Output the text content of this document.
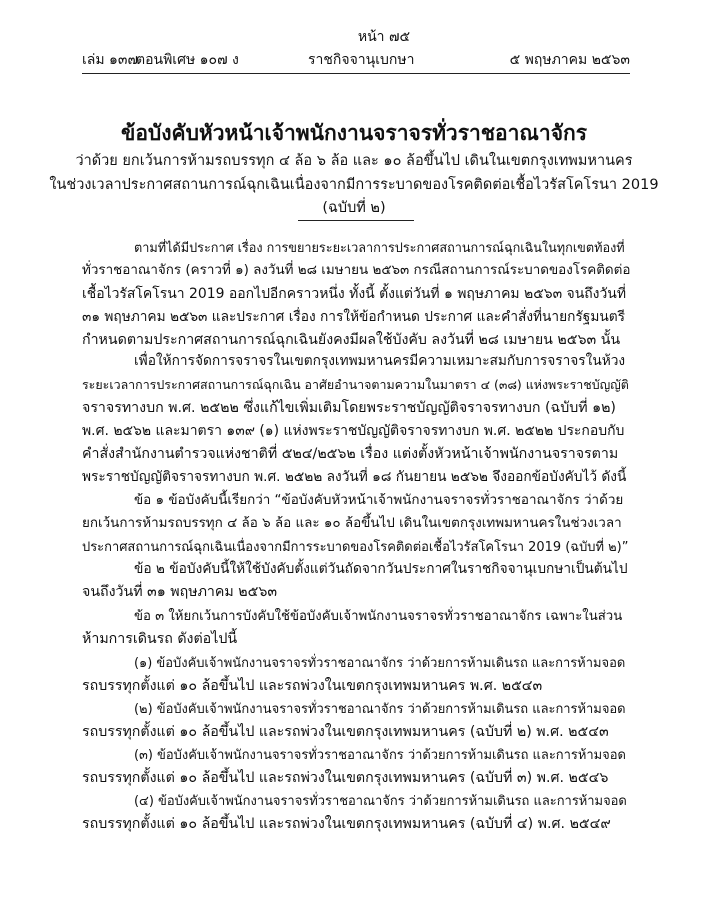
หน้า ๗๕
เล่ม ๑๓๗
ตอนพิเศษ ๑๐๗ ง	ราชกิจจานุเบกษา	๕ พฤษภาคม ๒๕๖๓
ข้อบังคับหัวหน้าเจ้าพนักงานจราจรทั่วราชอาณาจักร
ว่าด้วย ยกเว้นการห้ามรถบรรทุก ๔ ล้อ ๖ ล้อ และ ๑๐ ล้อขึ้นไป เดินในเขตกรุงเทพมหานคร
ในช่วงเวลาประกาศสถานการณ์ฉุกเฉินเนื่องจากมีการระบาดของโรคติดต่อเชื้อไวรัสโคโรนา 2019
(ฉบับที่ ๒)
ตามที่ได้มีประกาศ เรื่อง การขยายระยะเวลาการประกาศสถานการณ์ฉุกเฉินในทุกเขตท้องที่
ทั่วราชอาณาจักร (คราวที่ ๑) ลงวันที่ ๒๘ เมษายน ๒๕๖๓ กรณีสถานการณ์ระบาดของโรคติดต่อ
เชื้อไวรัสโคโรนา 2019 ออกไปอีกคราวหนึ่ง ทั้งนี้ ตั้งแต่วันที่ ๑ พฤษภาคม ๒๕๖๓ จนถึงวันที่
๓๑ พฤษภาคม ๒๕๖๓ และประกาศ เรื่อง การให้ข้อกำหนด ประกาศ และคำสั่งที่นายกรัฐมนตรี
กำหนดตามประกาศสถานการณ์ฉุกเฉินยังคงมีผลใช้บังคับ ลงวันที่ ๒๘ เมษายน ๒๕๖๓ นั้น
เพื่อให้การจัดการจราจรในเขตกรุงเทพมหานครมีความเหมาะสมกับการจราจรในห้วง
ระยะเวลาการประกาศสถานการณ์ฉุกเฉิน อาศัยอำนาจตามความในมาตรา ๔ (๓๘) แห่งพระราชบัญญัติ
จราจรทางบก พ.ศ. ๒๕๒๒ ซึ่งแก้ไขเพิ่มเติมโดยพระราชบัญญัติจราจรทางบก (ฉบับที่ ๑๒)
พ.ศ. ๒๕๖๒ และมาตรา ๑๓๙ (๑) แห่งพระราชบัญญัติจราจรทางบก พ.ศ. ๒๕๒๒ ประกอบกับ
คำสั่งสำนักงานตำรวจแห่งชาติที่ ๕๒๔/๒๕๖๒ เรื่อง แต่งตั้งหัวหน้าเจ้าพนักงานจราจรตาม
พระราชบัญญัติจราจรทางบก พ.ศ. ๒๕๒๒ ลงวันที่ ๑๘ กันยายน ๒๕๖๒ จึงออกข้อบังคับไว้ ดังนี้
ข้อ ๑ ข้อบังคับนี้เรียกว่า “ข้อบังคับหัวหน้าเจ้าพนักงานจราจรทั่วราชอาณาจักร ว่าด้วย
ยกเว้นการห้ามรถบรรทุก ๔ ล้อ ๖ ล้อ และ ๑๐ ล้อขึ้นไป เดินในเขตกรุงเทพมหานครในช่วงเวลา
ประกาศสถานการณ์ฉุกเฉินเนื่องจากมีการระบาดของโรคติดต่อเชื้อไวรัสโคโรนา 2019 (ฉบับที่ ๒)”
ข้อ ๒ ข้อบังคับนี้ให้ใช้บังคับตั้งแต่วันถัดจากวันประกาศในราชกิจจานุเบกษาเป็นต้นไป
จนถึงวันที่ ๓๑ พฤษภาคม ๒๕๖๓
ข้อ ๓ ให้ยกเว้นการบังคับใช้ข้อบังคับเจ้าพนักงานจราจรทั่วราชอาณาจักร เฉพาะในส่วน
ห้ามการเดินรถ ดังต่อไปนี้
(๑) ข้อบังคับเจ้าพนักงานจราจรทั่วราชอาณาจักร ว่าด้วยการห้ามเดินรถ และการห้ามจอด
รถบรรทุกตั้งแต่ ๑๐ ล้อขึ้นไป และรถพ่วงในเขตกรุงเทพมหานคร พ.ศ. ๒๕๔๓
(๒) ข้อบังคับเจ้าพนักงานจราจรทั่วราชอาณาจักร ว่าด้วยการห้ามเดินรถ และการห้ามจอด
รถบรรทุกตั้งแต่ ๑๐ ล้อขึ้นไป และรถพ่วงในเขตกรุงเทพมหานคร (ฉบับที่ ๒) พ.ศ. ๒๕๔๓
(๓) ข้อบังคับเจ้าพนักงานจราจรทั่วราชอาณาจักร ว่าด้วยการห้ามเดินรถ และการห้ามจอด
รถบรรทุกตั้งแต่ ๑๐ ล้อขึ้นไป และรถพ่วงในเขตกรุงเทพมหานคร (ฉบับที่ ๓) พ.ศ. ๒๕๔๖
(๔) ข้อบังคับเจ้าพนักงานจราจรทั่วราชอาณาจักร ว่าด้วยการห้ามเดินรถ และการห้ามจอด
รถบรรทุกตั้งแต่ ๑๐ ล้อขึ้นไป และรถพ่วงในเขตกรุงเทพมหานคร (ฉบับที่ ๔) พ.ศ. ๒๕๔๙
